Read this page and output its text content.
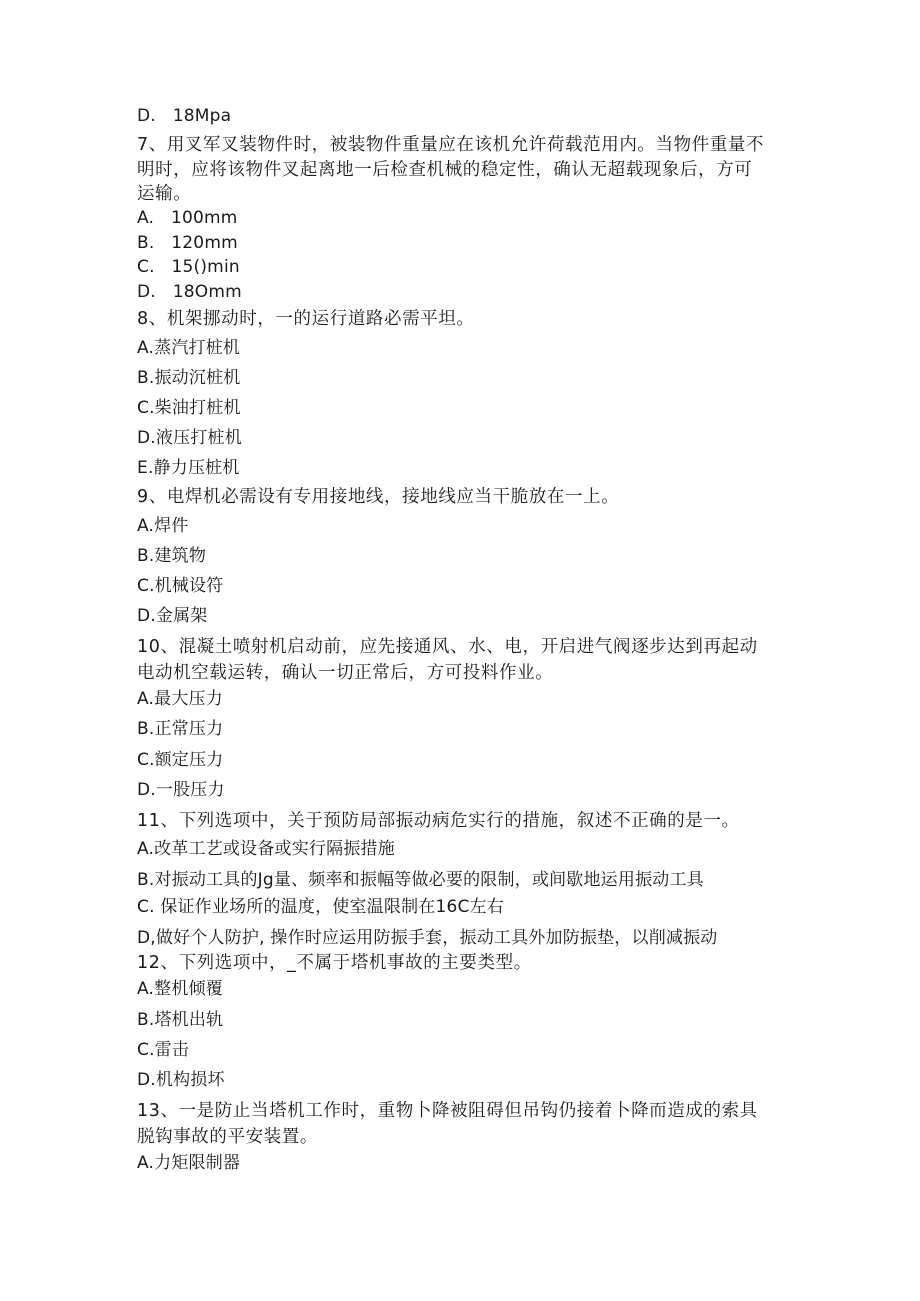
D.   18Mpa
7、用叉军叉装物件时，被装物件重量应在该机允许荷载范用内。当物件重量不
明时，应将该物件叉起离地一后检查机械的稳定性，确认无超载现象后，方可
运输。
A.   100mm
B.   120mm
C.   15()min
D.   18Omm
8、机架挪动时，一的运行道路必需平坦。
A.蒸汽打桩机
B.振动沉桩机
C.柴油打桩机
D.液压打桩机
E.静力压桩机
9、电焊机必需设有专用接地线，接地线应当干脆放在一上。
A.焊件
B.建筑物
C.机械设符
D.金属架
10、混凝土喷射机启动前，应先接通风、水、电，开启进气阀逐步达到再起动
电动机空载运转，确认一切正常后，方可投料作业。
A.最大压力
B.正常压力
C.额定压力
D.一股压力
11、下列选项中，关于预防局部振动病危实行的措施，叙述不正确的是一。
A.改革工艺或设备或实行隔振措施
B.对振动工具的Jg量、频率和振幅等做必要的限制，或间歇地运用振动工具
C. 保证作业场所的温度，使室温限制在16C左右
D,做好个人防护, 操作时应运用防振手套，振动工具外加防振垫，以削减振动
12、下列选项中，_不属于塔机事故的主要类型。
A.整机倾覆
B.塔机出轨
C.雷击
D.机构损坏
13、一是防止当塔机工作时，重物卜降被阻碍但吊钩仍接着卜降而造成的索具
脱钩事故的平安装置。
A.力矩限制器
